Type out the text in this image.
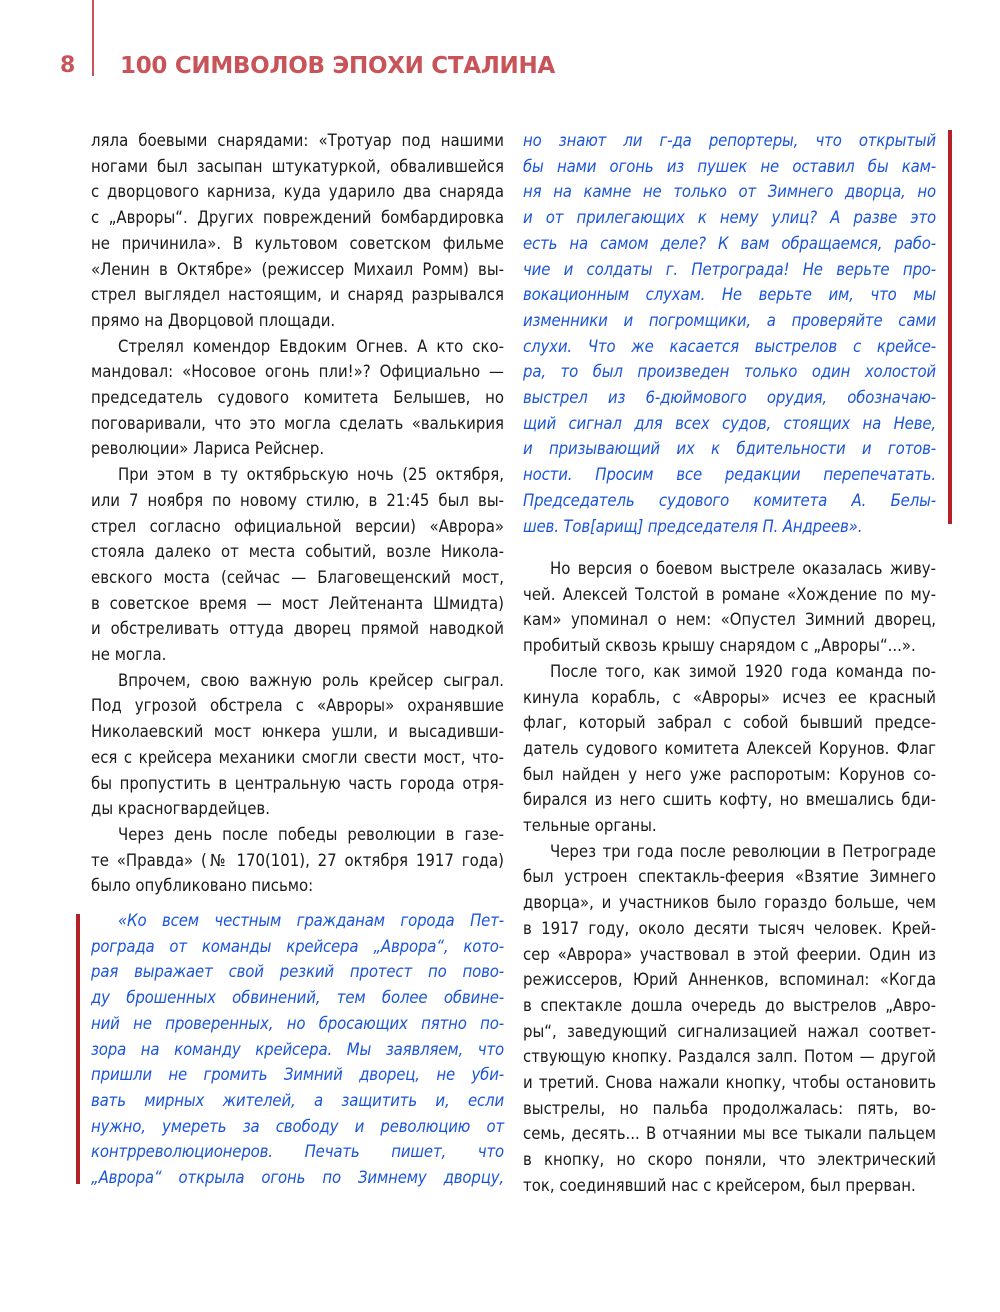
8 100 СИМВОЛОВ ЭПОХИ СТАЛИНА
ляла боевыми снарядами: «Тротуар под нашими
ногами был засыпан штукатуркой, обвалившейся
с дворцового карниза, куда ударило два снаряда
с „Авроры“. Других повреждений бомбардировка
не причинила». В культовом советском фильме
«Ленин в Октябре» (режиссер Михаил Ромм) вы-
стрел выглядел настоящим, и снаряд разрывался
прямо на Дворцовой площади.
Стрелял комендор Евдоким Огнев. А кто ско-
мандовал: «Носовое огонь пли!»? Официально —
председатель судового комитета Белышев, но
поговаривали, что это могла сделать «валькирия
революции» Лариса Рейснер.
При этом в ту октябрьскую ночь (25 октября,
или 7 ноября по новому стилю, в 21:45 был вы-
стрел согласно официальной версии) «Аврора»
стояла далеко от места событий, возле Никола-
евского моста (сейчас — Благовещенский мост,
в советское время — мост Лейтенанта Шмидта)
и обстреливать оттуда дворец прямой наводкой
не могла.
Впрочем, свою важную роль крейсер сыграл.
Под угрозой обстрела с «Авроры» охранявшие
Николаевский мост юнкера ушли, и высадивши-
еся с крейсера механики смогли свести мост, что-
бы пропустить в центральную часть города отря-
ды красногвардейцев.
Через день после победы революции в газе-
те «Правда» (№ 170(101), 27 октября 1917 года)
было опубликовано письмо:
«Ко всем честным гражданам города Пет-
рограда от команды крейсера „Аврора“, кото-
рая выражает свой резкий протест по пово-
ду брошенных обвинений, тем более обвине-
ний не проверенных, но бросающих пятно по-
зора на команду крейсера. Мы заявляем, что
пришли не громить Зимний дворец, не уби-
вать мирных жителей, а защитить и, если
нужно, умереть за свободу и революцию от
контрреволюционеров. Печать пишет, что
„Аврора“ открыла огонь по Зимнему дворцу,
но знают ли г-да репортеры, что открытый
бы нами огонь из пушек не оставил бы кам-
ня на камне не только от Зимнего дворца, но
и от прилегающих к нему улиц? А разве это
есть на самом деле? К вам обращаемся, рабо-
чие и солдаты г. Петрограда! Не верьте про-
вокационным слухам. Не верьте им, что мы
изменники и погромщики, а проверяйте сами
слухи. Что же касается выстрелов с крейсе-
ра, то был произведен только один холостой
выстрел из 6-дюймового орудия, обозначаю-
щий сигнал для всех судов, стоящих на Неве,
и призывающий их к бдительности и готов-
ности. Просим все редакции перепечатать.
Председатель судового комитета А. Белы-
шев. Тов[арищ] председателя П. Андреев».
Но версия о боевом выстреле оказалась живу-
чей. Алексей Толстой в романе «Хождение по му-
кам» упоминал о нем: «Опустел Зимний дворец,
пробитый сквозь крышу снарядом с „Авроры“...».
После того, как зимой 1920 года команда по-
кинула корабль, с «Авроры» исчез ее красный
флаг, который забрал с собой бывший предсе-
датель судового комитета Алексей Корунов. Флаг
был найден у него уже распоротым: Корунов со-
бирался из него сшить кофту, но вмешались бди-
тельные органы.
Через три года после революции в Петрограде
был устроен спектакль-феерия «Взятие Зимнего
дворца», и участников было гораздо больше, чем
в 1917 году, около десяти тысяч человек. Крей-
сер «Аврора» участвовал в этой феерии. Один из
режиссеров, Юрий Анненков, вспоминал: «Когда
в спектакле дошла очередь до выстрелов „Авро-
ры“, заведующий сигнализацией нажал соответ-
ствующую кнопку. Раздался залп. Потом — другой
и третий. Снова нажали кнопку, чтобы остановить
выстрелы, но пальба продолжалась: пять, во-
семь, десять... В отчаянии мы все тыкали пальцем
в кнопку, но скоро поняли, что электрический
ток, соединявший нас с крейсером, был прерван.
